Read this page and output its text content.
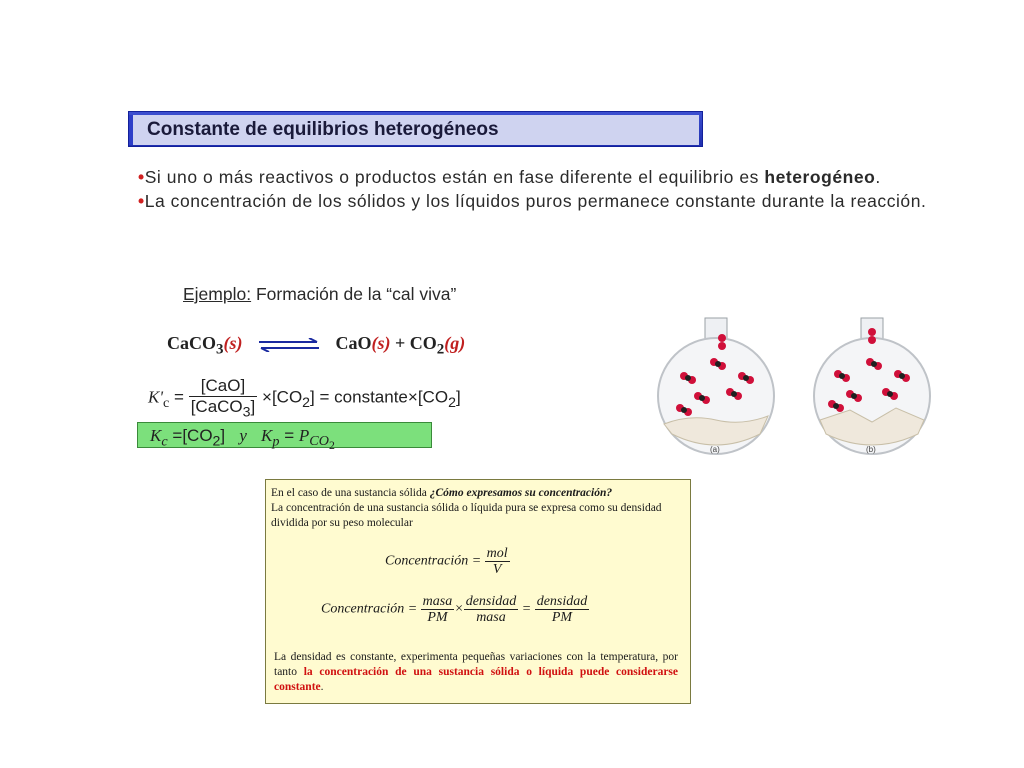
Constante de equilibrios heterogéneos

•Si uno o más reactivos o productos están en fase diferente el equilibrio es heterogéneo.

•La concentración de los sólidos y los líquidos puros permanece constante durante la reacción.

Ejemplo: Formación de la “cal viva”
CaCO$_3$(s) ⇌ $CaO(s) + CO_2(g)$
$K'_c = \frac{\text{[CaO]}}{[CaCO_3]} \times[CO_2]$ = $constante\times[CO_2]$
$K_c =[CO_2]$ y $K_p = P_{CO_2}$	(a)	(b)

En el caso de una sustancia sólida ¿Cómo expresamos su concentración?

La concentración de una sustancia sólida o líquida pura se expresa como su densidad dividida por su peso molecular

Concentración = $\frac{\text{mol}}{V}$
Concentración = $\frac{\text{masa}}{PM} \times \frac{\text{densidad}}{\text{masa}} = \frac{\text{densidad}}{PM}$

La densidad es constante, experimenta pequeñas variaciones con la temperatura, por tanto la concentración de una sustancia sólida o líquida puede considerarse constante.
